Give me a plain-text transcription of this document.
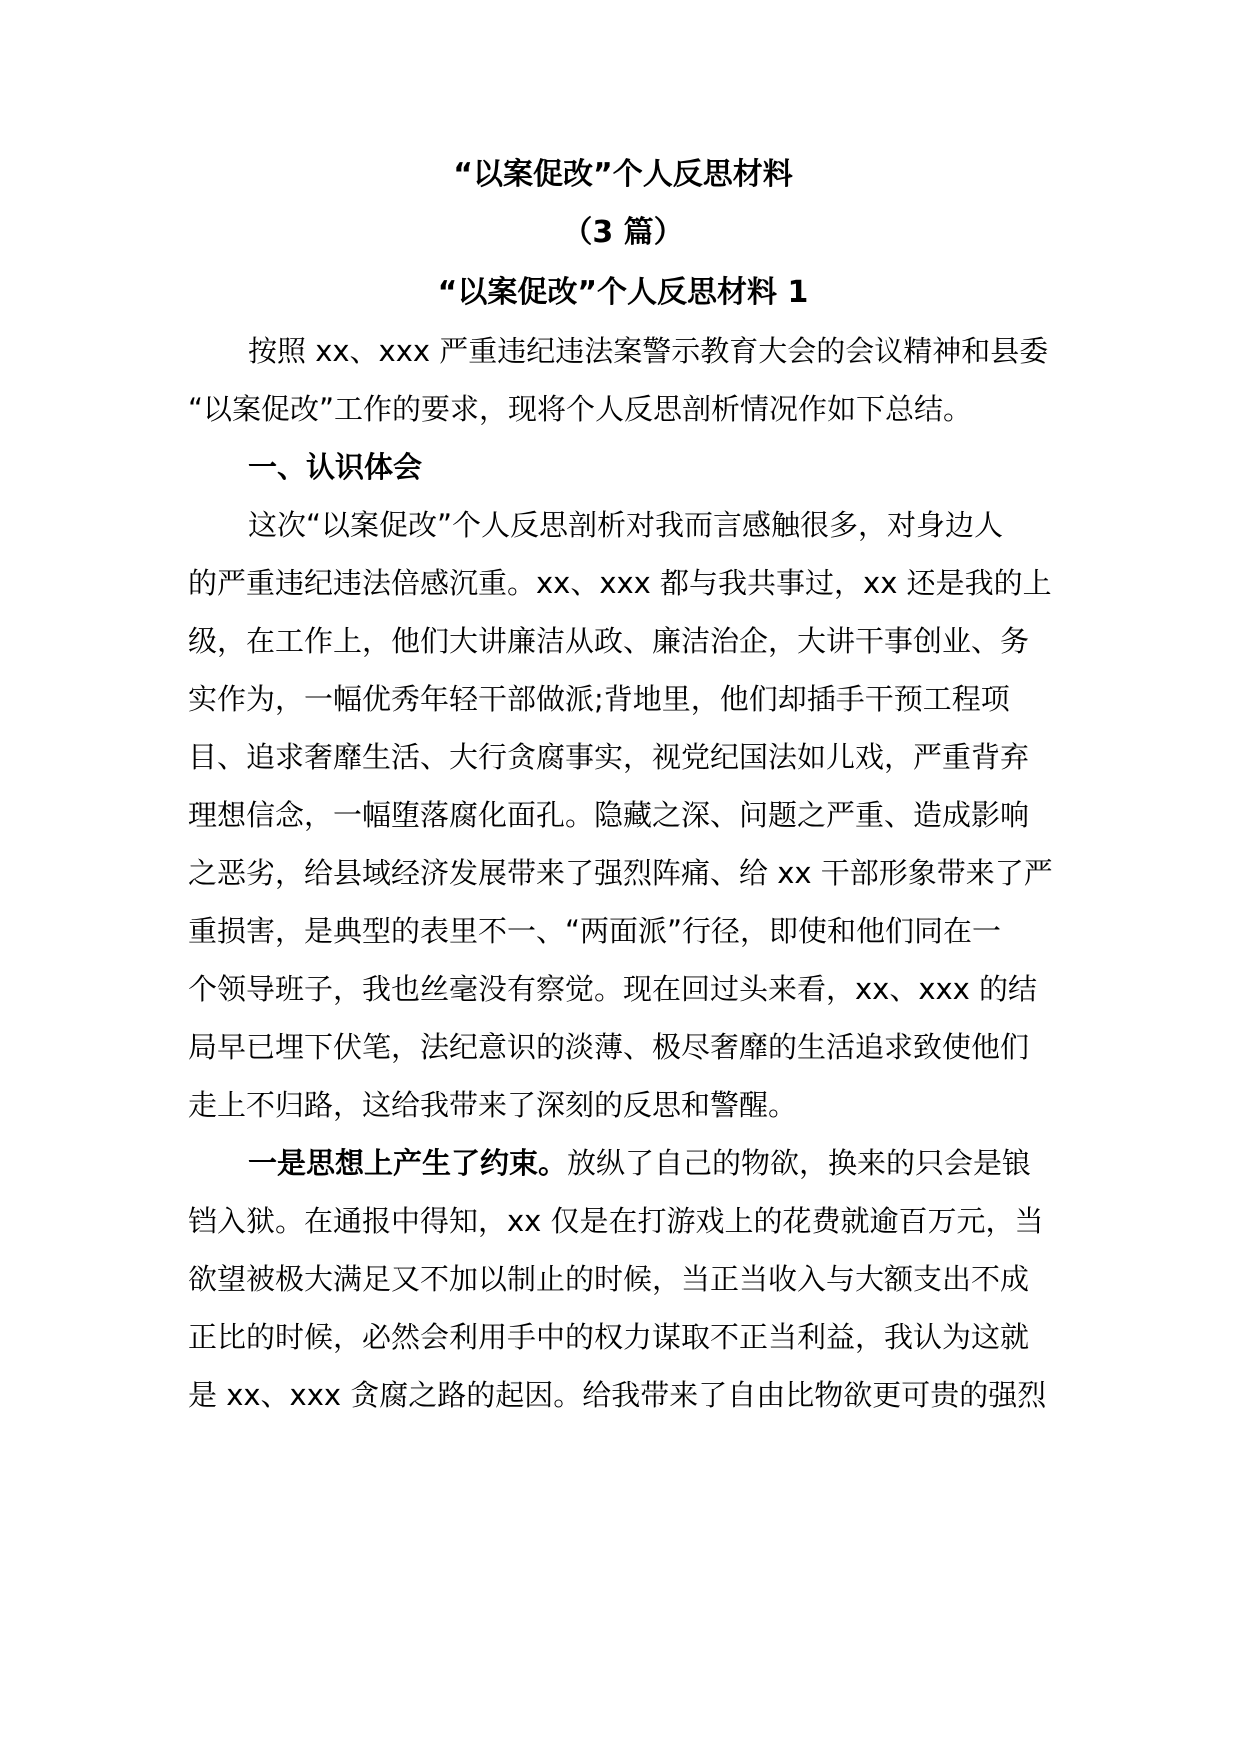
“以案促改”个人反思材料
（3 篇）
“以案促改”个人反思材料 1
按照 xx、xxx 严重违纪违法案警示教育大会的会议精神和县委
“以案促改”工作的要求，现将个人反思剖析情况作如下总结。
一、认识体会
这次“以案促改”个人反思剖析对我而言感触很多，对身边人
的严重违纪违法倍感沉重。xx、xxx 都与我共事过，xx 还是我的上
级，在工作上，他们大讲廉洁从政、廉洁治企，大讲干事创业、务
实作为，一幅优秀年轻干部做派;背地里，他们却插手干预工程项
目、追求奢靡生活、大行贪腐事实，视党纪国法如儿戏，严重背弃
理想信念，一幅堕落腐化面孔。隐藏之深、问题之严重、造成影响
之恶劣，给县域经济发展带来了强烈阵痛、给 xx 干部形象带来了严
重损害，是典型的表里不一、“两面派”行径，即使和他们同在一
个领导班子，我也丝毫没有察觉。现在回过头来看，xx、xxx 的结
局早已埋下伏笔，法纪意识的淡薄、极尽奢靡的生活追求致使他们
走上不归路，这给我带来了深刻的反思和警醒。
一是思想上产生了约束。放纵了自己的物欲，换来的只会是锒
铛入狱。在通报中得知，xx 仅是在打游戏上的花费就逾百万元，当
欲望被极大满足又不加以制止的时候，当正当收入与大额支出不成
正比的时候，必然会利用手中的权力谋取不正当利益，我认为这就
是 xx、xxx 贪腐之路的起因。给我带来了自由比物欲更可贵的强烈
